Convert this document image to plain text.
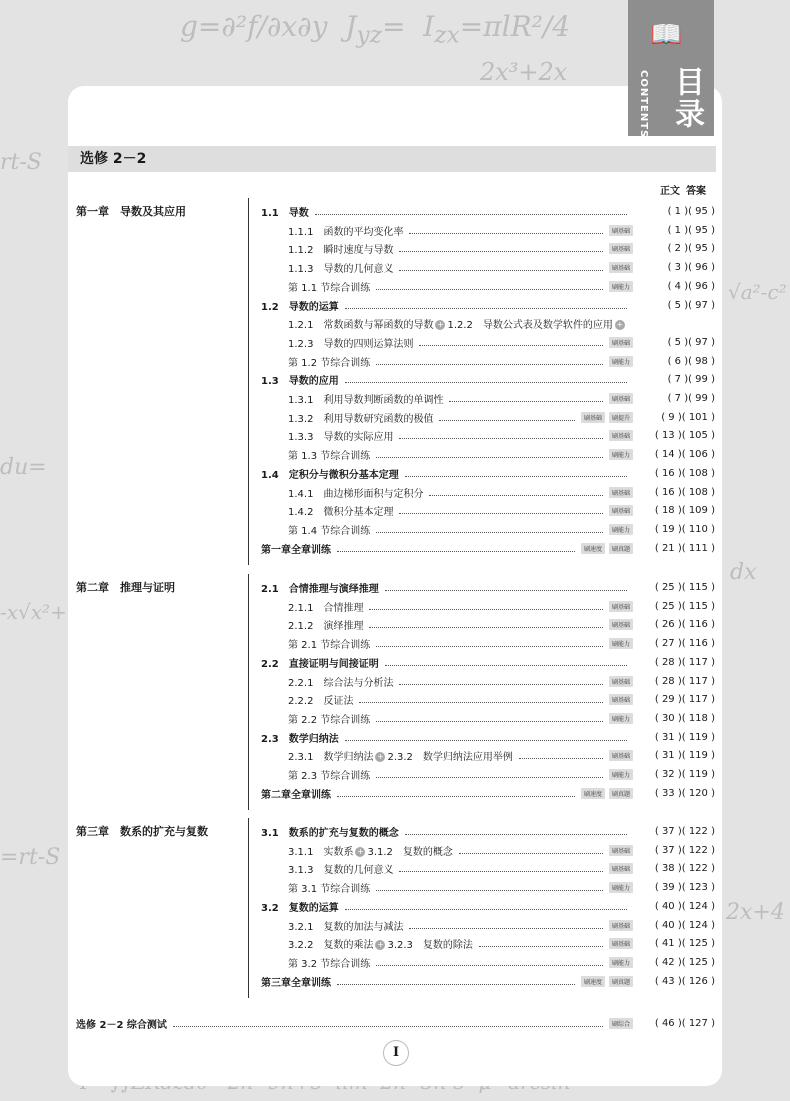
g=∂²f/∂x∂y  $J_{yz}= I_{zx}=\pi lR^2/4$
2x³+2x
rt-S
du=
-x√x²+
=rt-S
√a²-c²
dx
2x+4
📖
CONTENTS 目录
选修 2－2
正文 答案
第一章　导数及其应用	1.1　导数	( 1 )( 95 )
1.1.1　函数的平均变化率	刷基础	( 1 )( 95 )
1.1.2　瞬时速度与导数	刷基础	( 2 )( 95 )
1.1.3　导数的几何意义	刷基础	( 3 )( 96 )
第 1.1 节综合训练	刷能力	( 4 )( 96 )
1.2　导数的运算	( 5 )( 97 )
1.2.1　常数函数与幂函数的导数 + 1.2.2　导数公式表及数学软件的应用 +
1.2.3　导数的四则运算法则	刷基础	( 5 )( 97 )
第 1.2 节综合训练	刷能力	( 6 )( 98 )
1.3　导数的应用	( 7 )( 99 )
1.3.1　利用导数判断函数的单调性	刷基础	( 7 )( 99 )
1.3.2　利用导数研究函数的极值	刷基础	刷提升	( 9 )( 101 )
1.3.3　导数的实际应用	刷基础	( 13 )( 105 )
第 1.3 节综合训练	刷能力	( 14 )( 106 )
1.4　定积分与微积分基本定理	( 16 )( 108 )
1.4.1　曲边梯形面积与定积分	刷基础	( 16 )( 108 )
1.4.2　微积分基本定理	刷基础	( 18 )( 109 )
第 1.4 节综合训练	刷能力	( 19 )( 110 )
第一章全章训练	刷速度	刷真题	( 21 )( 111 )
第二章　推理与证明	2.1　合情推理与演绎推理	( 25 )( 115 )
2.1.1　合情推理	刷基础	( 25 )( 115 )
2.1.2　演绎推理	刷基础	( 26 )( 116 )
第 2.1 节综合训练	刷能力	( 27 )( 116 )
2.2　直接证明与间接证明	( 28 )( 117 )
2.2.1　综合法与分析法	刷基础	( 28 )( 117 )
2.2.2　反证法	刷基础	( 29 )( 117 )
第 2.2 节综合训练	刷能力	( 30 )( 118 )
2.3　数学归纳法	( 31 )( 119 )
2.3.1　数学归纳法 + 2.3.2　数学归纳法应用举例	刷基础	( 31 )( 119 )
第 2.3 节综合训练	刷能力	( 32 )( 119 )
第二章全章训练	刷速度	刷真题	( 33 )( 120 )
第三章　数系的扩充与复数	3.1　数系的扩充与复数的概念	( 37 )( 122 )
3.1.1　实数系 + 3.1.2　复数的概念	刷基础	( 37 )( 122 )
3.1.3　复数的几何意义	刷基础	( 38 )( 122 )
第 3.1 节综合训练	刷能力	( 39 )( 123 )
3.2　复数的运算	( 40 )( 124 )
3.2.1　复数的加法与减法	刷基础	( 40 )( 124 )
3.2.2　复数的乘法 + 3.2.3　复数的除法	刷基础	( 41 )( 125 )
第 3.2 节综合训练	刷能力	( 42 )( 125 )
第三章全章训练	刷速度	刷真题	( 43 )( 126 )
选修 2－2 综合测试	刷综合	( 46 )( 127 )
I
